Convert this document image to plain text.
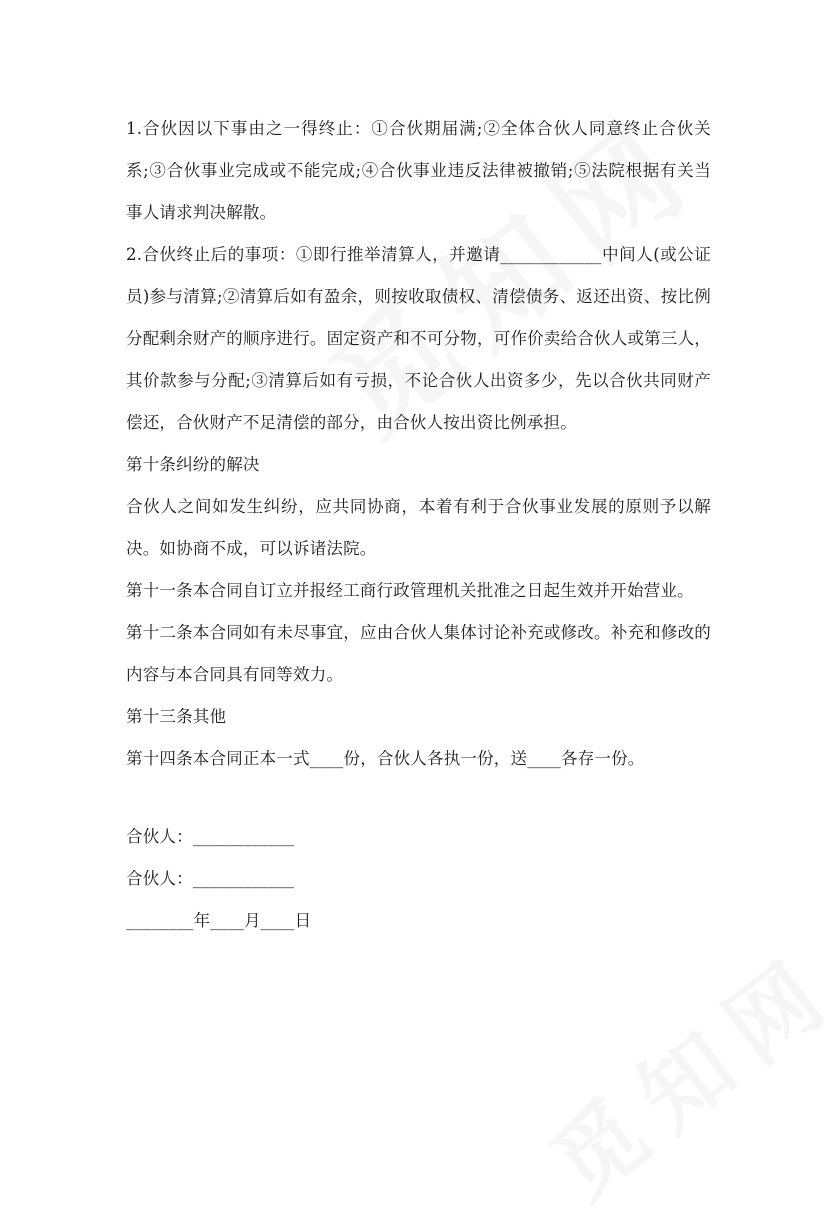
1.合伙因以下事由之一得终止：①合伙期届满;②全体合伙人同意终止合伙关系;③合伙事业完成或不能完成;④合伙事业违反法律被撤销;⑤法院根据有关当事人请求判决解散。

2.合伙终止后的事项：①即行推举清算人，并邀请____________中间人(或公证员)参与清算;②清算后如有盈余，则按收取债权、清偿债务、返还出资、按比例分配剩余财产的顺序进行。固定资产和不可分物，可作价卖给合伙人或第三人，其价款参与分配;③清算后如有亏损，不论合伙人出资多少，先以合伙共同财产偿还，合伙财产不足清偿的部分，由合伙人按出资比例承担。

第十条纠纷的解决

合伙人之间如发生纠纷，应共同协商，本着有利于合伙事业发展的原则予以解决。如协商不成，可以诉诸法院。

第十一条本合同自订立并报经工商行政管理机关批准之日起生效并开始营业。

第十二条本合同如有未尽事宜，应由合伙人集体讨论补充或修改。补充和修改的内容与本合同具有同等效力。

第十三条其他

第十四条本合同正本一式____份，合伙人各执一份，送____各存一份。

合伙人：____________

合伙人：____________

________年____月____日
